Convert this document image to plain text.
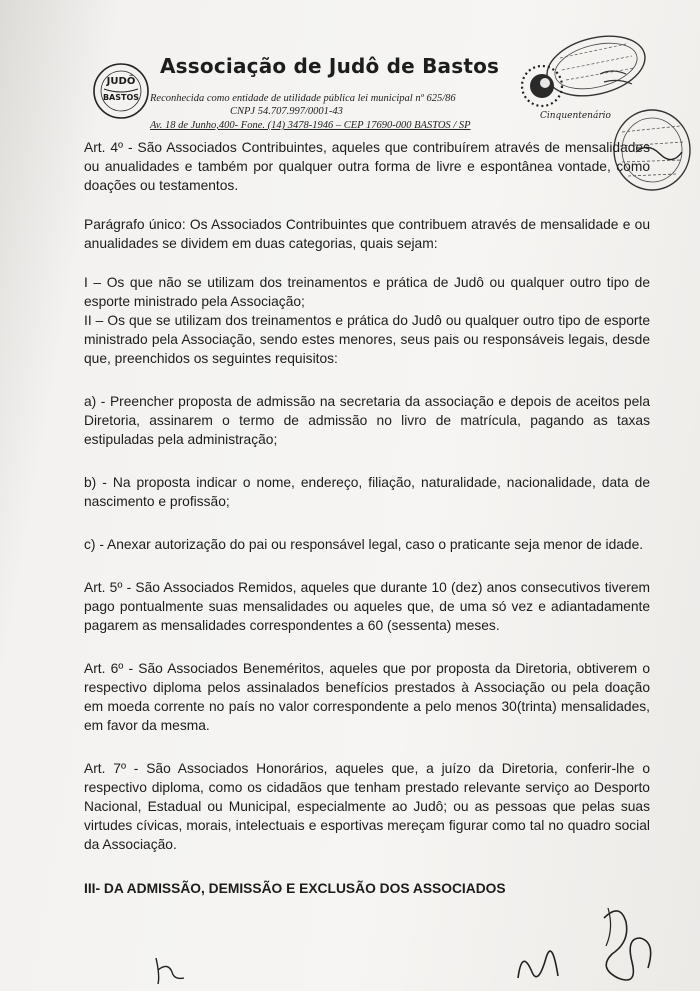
JUDÔ
BASTOS
Associação de Judô de Bastos
Reconhecida como entidade de utilidade pública lei municipal nº 625/86
CNPJ 54.707.997/0001-43
Av. 18 de Junho,400- Fone. (14) 3478-1946 – CEP 17690-000 BASTOS / SP
Cinquentenário

Art. 4º - São Associados Contribuintes, aqueles que contribuírem através de mensalidades ou anualidades e também por qualquer outra forma de livre e espontânea vontade, como doações ou testamentos.

Parágrafo único: Os Associados Contribuintes que contribuem através de mensalidade e ou anualidades se dividem em duas categorias, quais sejam:

I – Os que não se utilizam dos treinamentos e prática de Judô ou qualquer outro tipo de esporte ministrado pela Associação;

II – Os que se utilizam dos treinamentos e prática do Judô ou qualquer outro tipo de esporte ministrado pela Associação, sendo estes menores, seus pais ou responsáveis legais, desde que, preenchidos os seguintes requisitos:

a) - Preencher proposta de admissão na secretaria da associação e depois de aceitos pela Diretoria, assinarem o termo de admissão no livro de matrícula, pagando as taxas estipuladas pela administração;

b) - Na proposta indicar o nome, endereço, filiação, naturalidade, nacionalidade, data de nascimento e profissão;

c) - Anexar autorização do pai ou responsável legal, caso o praticante seja menor de idade.

Art. 5º - São Associados Remidos, aqueles que durante 10 (dez) anos consecutivos tiverem pago pontualmente suas mensalidades ou aqueles que, de uma só vez e adiantadamente pagarem as mensalidades correspondentes a 60 (sessenta) meses.

Art. 6º - São Associados Beneméritos, aqueles que por proposta da Diretoria, obtiverem o respectivo diploma pelos assinalados benefícios prestados à Associação ou pela doação em moeda corrente no país no valor correspondente a pelo menos 30(trinta) mensalidades, em favor da mesma.

Art. 7º - São Associados Honorários, aqueles que, a juízo da Diretoria, conferir-lhe o respectivo diploma, como os cidadãos que tenham prestado relevante serviço ao Desporto Nacional, Estadual ou Municipal, especialmente ao Judô; ou as pessoas que pelas suas virtudes cívicas, morais, intelectuais e esportivas mereçam figurar como tal no quadro social da Associação.

III- DA ADMISSÃO, DEMISSÃO E EXCLUSÃO DOS ASSOCIADOS
